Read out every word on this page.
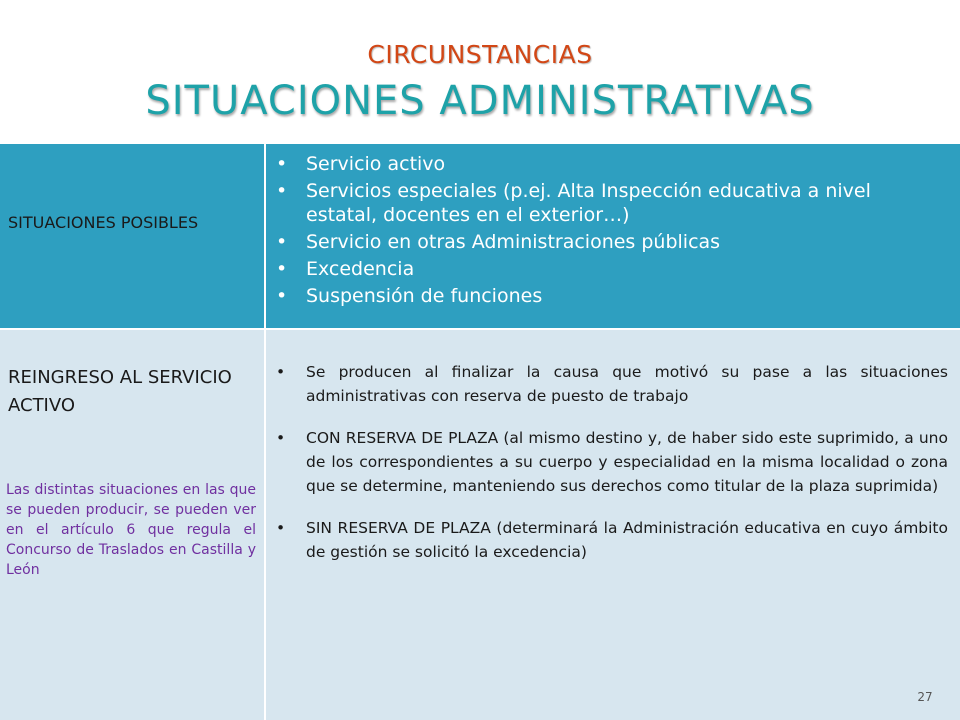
CIRCUNSTANCIAS
SITUACIONES ADMINISTRATIVAS
SITUACIONES POSIBLES
• Servicio activo
• Servicios especiales (p.ej. Alta Inspección educativa a nivel estatal, docentes en el exterior…)
• Servicio en otras Administraciones públicas
• Excedencia
• Suspensión de funciones
REINGRESO AL SERVICIO ACTIVO
Las distintas situaciones en las que se pueden producir, se pueden ver en el artículo 6 que regula el Concurso de Traslados en Castilla y León
• Se producen al finalizar la causa que motivó su pase a las situaciones administrativas con reserva de puesto de trabajo
• CON RESERVA DE PLAZA (al mismo destino y, de haber sido este suprimido, a uno de los correspondientes a su cuerpo y especialidad en la misma localidad o zona que se determine, manteniendo sus derechos como titular de la plaza suprimida)
• SIN RESERVA DE PLAZA (determinará la Administración educativa en cuyo ámbito de gestión se solicitó la excedencia)
27
